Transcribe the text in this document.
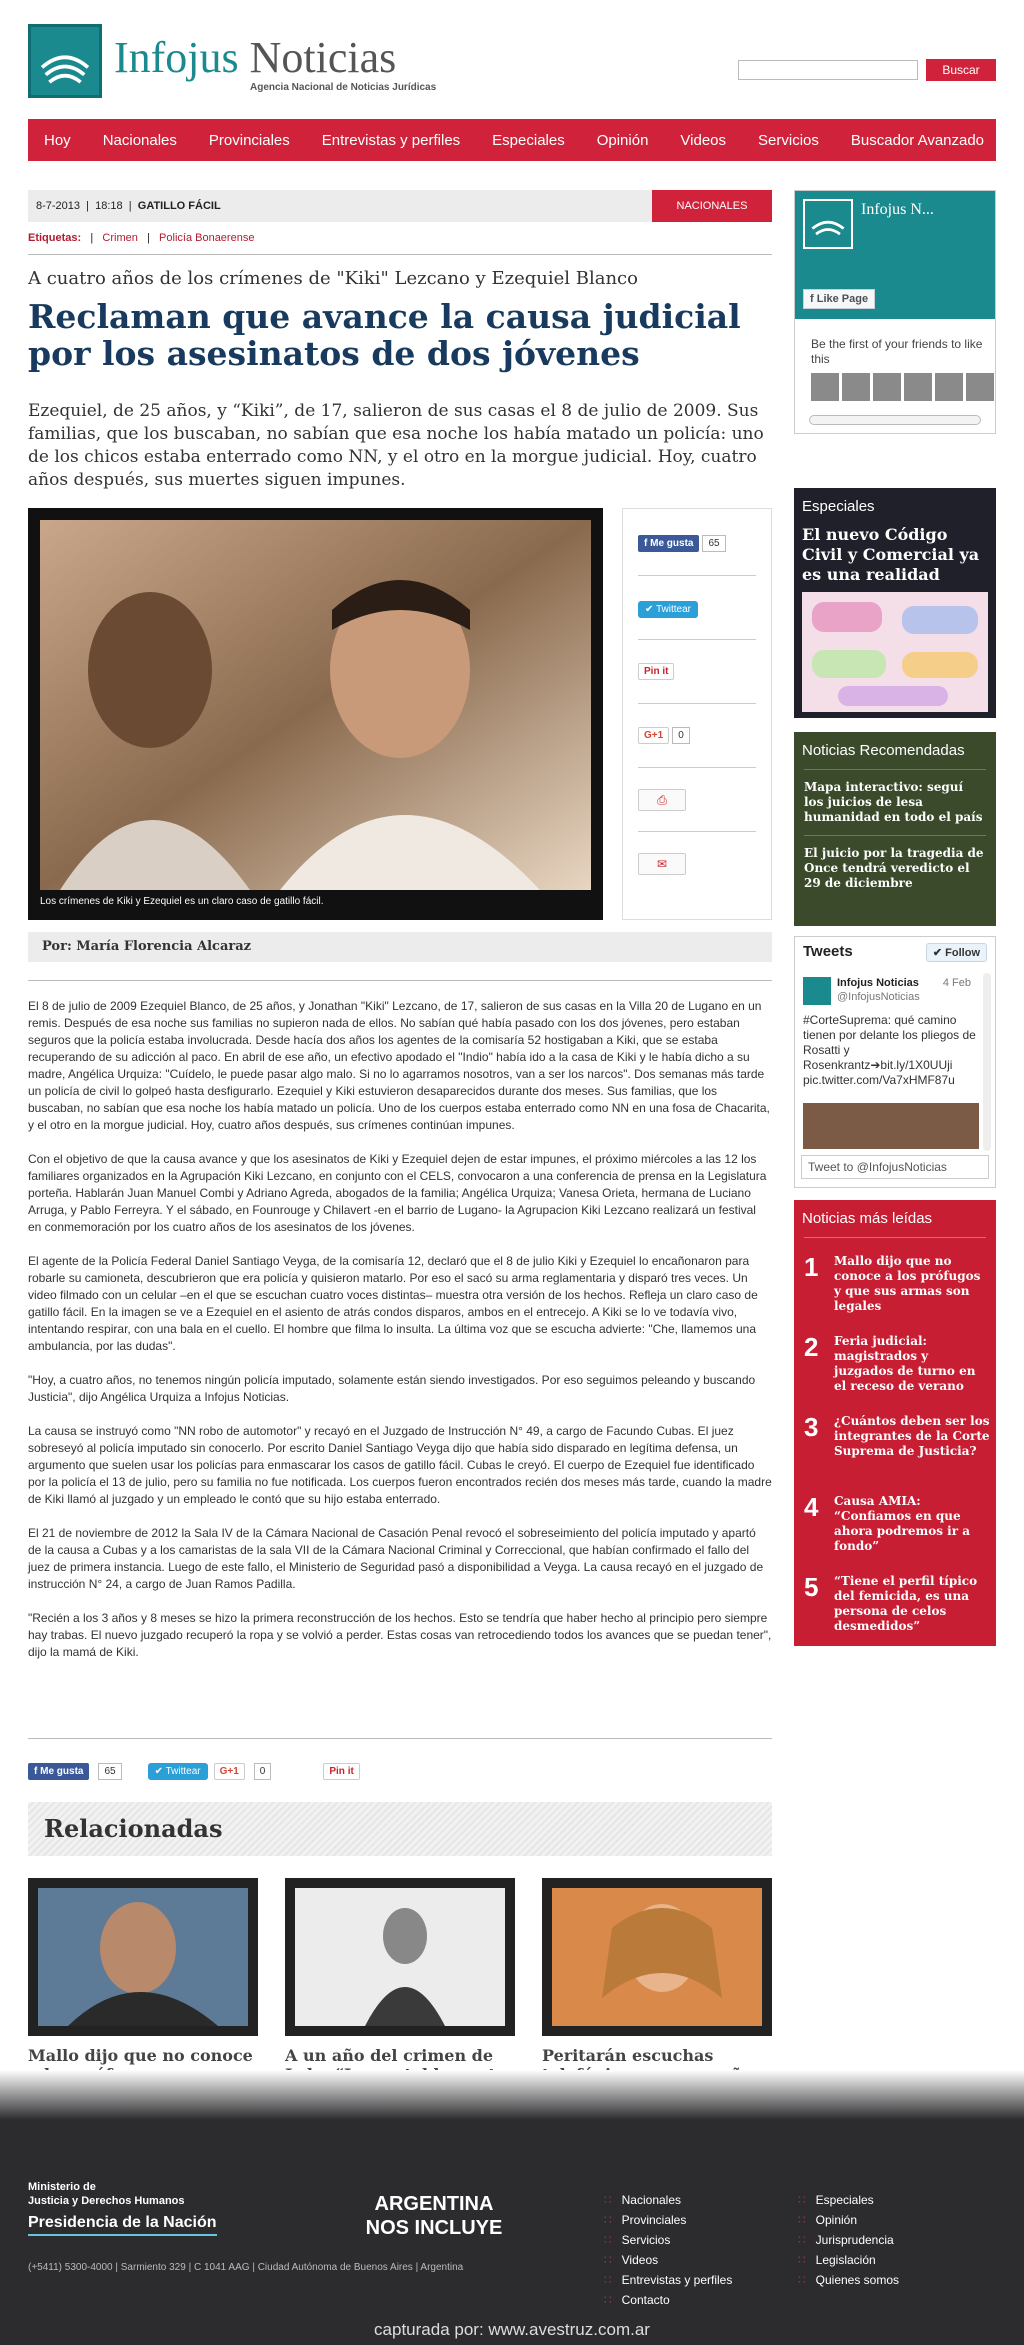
Infojus Noticias
Agencia Nacional de Noticias Jurídicas
Buscar
Hoy	Nacionales	Provinciales	Entrevistas y perfiles	Especiales	Opinión	Videos	Servicios	Buscador Avanzado
8-7-2013  |  18:18  |  GATILLO FÁCIL	NACIONALES
Etiquetas:   |   Crimen   |   Policía Bonaerense
A cuatro años de los crímenes de "Kiki" Lezcano y Ezequiel Blanco
Reclaman que avance la causa judicial por los asesinatos de dos jóvenes
Ezequiel, de 25 años, y “Kiki”, de 17, salieron de sus casas el 8 de julio de 2009. Sus familias, que los buscaban, no sabían que esa noche los había matado un policía: uno de los chicos estaba enterrado como NN, y el otro en la morgue judicial. Hoy, cuatro años después, sus muertes siguen impunes.
Los crímenes de Kiki y Ezequiel es un claro caso de gatillo fácil.
f Me gusta 65
✔ Twittear
Pin it
G+1 0
⎙
✉
Por: María Florencia Alcaraz

El 8 de julio de 2009 Ezequiel Blanco, de 25 años, y Jonathan "Kiki" Lezcano, de 17, salieron de sus casas en la Villa 20 de Lugano en un remis. Después de esa noche sus familias no supieron nada de ellos. No sabían qué había pasado con los dos jóvenes, pero estaban seguros que la policía estaba involucrada. Desde hacía dos años los agentes de la comisaría 52 hostigaban a Kiki, que se estaba recuperando de su adicción al paco. En abril de ese año, un efectivo apodado el "Indio" había ido a la casa de Kiki y le había dicho a su madre, Angélica Urquiza: "Cuídelo, le puede pasar algo malo. Si no lo agarramos nosotros, van a ser los narcos". Dos semanas más tarde un policía de civil lo golpeó hasta desfigurarlo. Ezequiel y Kiki estuvieron desaparecidos durante dos meses. Sus familias, que los buscaban, no sabían que esa noche los había matado un policía. Uno de los cuerpos estaba enterrado como NN en una fosa de Chacarita, y el otro en la morgue judicial. Hoy, cuatro años después, sus crímenes continúan impunes.

Con el objetivo de que la causa avance y que los asesinatos de Kiki y Ezequiel dejen de estar impunes, el próximo miércoles a las 12 los familiares organizados en la Agrupación Kiki Lezcano, en conjunto con el CELS, convocaron a una conferencia de prensa en la Legislatura porteña. Hablarán Juan Manuel Combi y Adriano Agreda, abogados de la familia; Angélica Urquiza; Vanesa Orieta, hermana de Luciano Arruga, y Pablo Ferreyra. Y el sábado, en Founrouge y Chilavert -en el barrio de Lugano- la Agrupacion Kiki Lezcano realizará un festival en conmemoración por los cuatro años de los asesinatos de los jóvenes.

El agente de la Policía Federal Daniel Santiago Veyga, de la comisaría 12, declaró que el 8 de julio Kiki y Ezequiel lo encañonaron para robarle su camioneta, descubrieron que era policía y quisieron matarlo. Por eso el sacó su arma reglamentaria y disparó tres veces. Un video filmado con un celular –en el que se escuchan cuatro voces distintas– muestra otra versión de los hechos. Refleja un claro caso de gatillo fácil. En la imagen se ve a Ezequiel en el asiento de atrás condos disparos, ambos en el entrecejo. A Kiki se lo ve todavía vivo, intentando respirar, con una bala en el cuello. El hombre que filma lo insulta. La última voz que se escucha advierte: "Che, llamemos una ambulancia, por las dudas".

"Hoy, a cuatro años, no tenemos ningún policía imputado, solamente están siendo investigados. Por eso seguimos peleando y buscando Justicia", dijo Angélica Urquiza a Infojus Noticias.

La causa se instruyó como "NN robo de automotor" y recayó en el Juzgado de Instrucción N° 49, a cargo de Facundo Cubas. El juez sobreseyó al policía imputado sin conocerlo. Por escrito Daniel Santiago Veyga dijo que había sido disparado en legítima defensa, un argumento que suelen usar los policías para enmascarar los casos de gatillo fácil. Cubas le creyó. El cuerpo de Ezequiel fue identificado por la policía el 13 de julio, pero su familia no fue notificada. Los cuerpos fueron encontrados recién dos meses más tarde, cuando la madre de Kiki llamó al juzgado y un empleado le contó que su hijo estaba enterrado.

El 21 de noviembre de 2012 la Sala IV de la Cámara Nacional de Casación Penal revocó el sobreseimiento del policía imputado y apartó de la causa a Cubas y a los camaristas de la sala VII de la Cámara Nacional Criminal y Correccional, que habían confirmado el fallo del juez de primera instancia. Luego de este fallo, el Ministerio de Seguridad pasó a disponibilidad a Veyga. La causa recayó en el juzgado de instrucción N° 24, a cargo de Juan Ramos Padilla.

"Recién a los 3 años y 8 meses se hizo la primera reconstrucción de los hechos. Esto se tendría que haber hecho al principio pero siempre hay trabas. El nuevo juzgado recuperó la ropa y se volvió a perder. Estas cosas van retrocediendo todos los avances que se puedan tener", dijo la mamá de Kiki.

f Me gusta	65	✔ Twittear	G+1	0	Pin it
Relacionadas
Mallo dijo que no conoce	A un año del crimen de	Peritarán escuchas
Infojus N...
f Like Page
Be the first of your friends to like this
Especiales
El nuevo Código Civil y Comercial ya es una realidad
Noticias Recomendadas
Mapa interactivo: seguí los juicios de lesa humanidad en todo el país
El juicio por la tragedia de Once tendrá veredicto el 29 de diciembre
Tweets	✔ Follow
Infojus Noticias
@InfojusNoticias
4 Feb
#CorteSuprema: qué camino tienen por delante los pliegos de Rosatti y Rosenkrantz➔bit.ly/1X0UUji pic.twitter.com/Va7xHMF87u
Tweet to @InfojusNoticias
Noticias más leídas
1 Mallo dijo que no conoce a los prófugos y que sus armas son legales
2 Feria judicial: magistrados y juzgados de turno en el receso de verano
3 ¿Cuántos deben ser los integrantes de la Corte Suprema de Justicia?
4 Causa AMIA: “Confiamos en que ahora podremos ir a fondo”
5 “Tiene el perfil típico del femicida, es una persona de celos desmedidos”
Ministerio de
Justicia y Derechos Humanos
Presidencia de la Nación
ARGENTINA
NOS INCLUYE
(+5411) 5300-4000 | Sarmiento 329 | C 1041 AAG | Ciudad Autónoma de Buenos Aires | Argentina
∷ Nacionales
∷ Provinciales
∷ Servicios
∷ Videos
∷ Entrevistas y perfiles
∷ Contacto
∷ Especiales
∷ Opinión
∷ Jurisprudencia
∷ Legislación
∷ Quienes somos
capturada por: www.avestruz.com.ar
